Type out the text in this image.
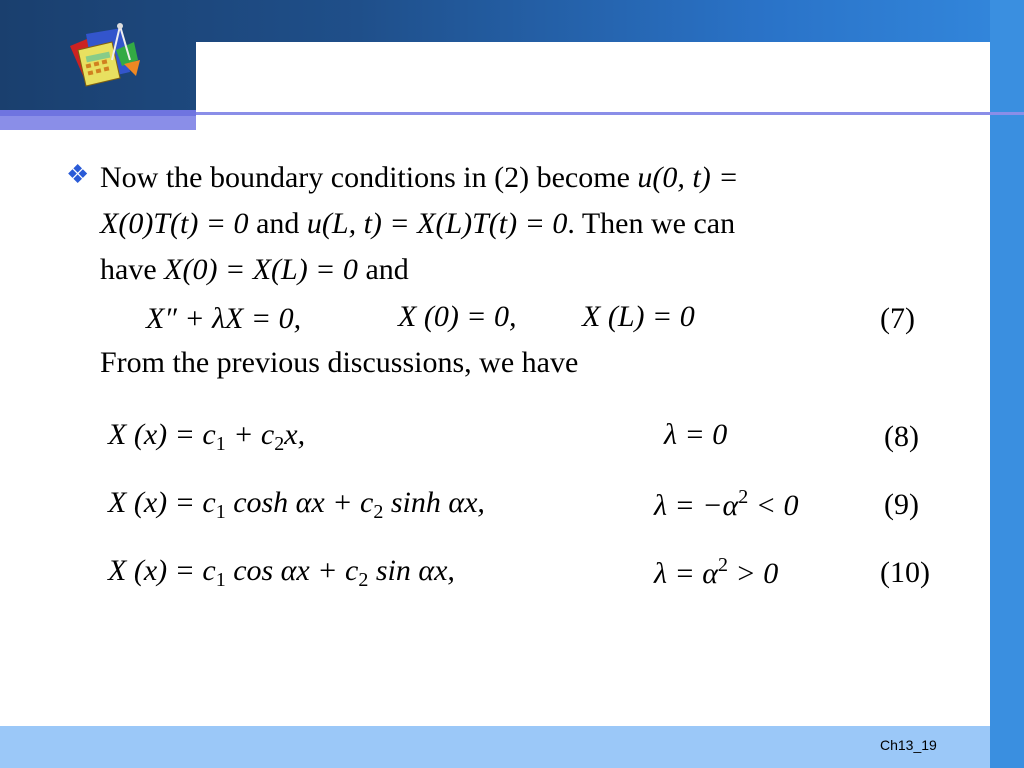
❖ Now the boundary conditions in (2) become u(0, t) =
X(0)T(t) = 0 and u(L, t) = X(L)T(t) = 0. Then we can
have X(0) = X(L) = 0 and
X″ + λX = 0,	X (0) = 0, X (L) = 0	(7)
From the previous discussions, we have
X $(x) = c_1 + c_2x$,	λ = 0	(8)
X $(x) = c_1$ $\cosh \alpha x + c_2$ sinh αx,	$\lambda = -\alpha^2 < 0$	(9)
X $(x) = c_1$ $\cos \alpha x + c_2$ sin αx,	$\lambda = \alpha^2 > 0$	(10)
Ch13_19
